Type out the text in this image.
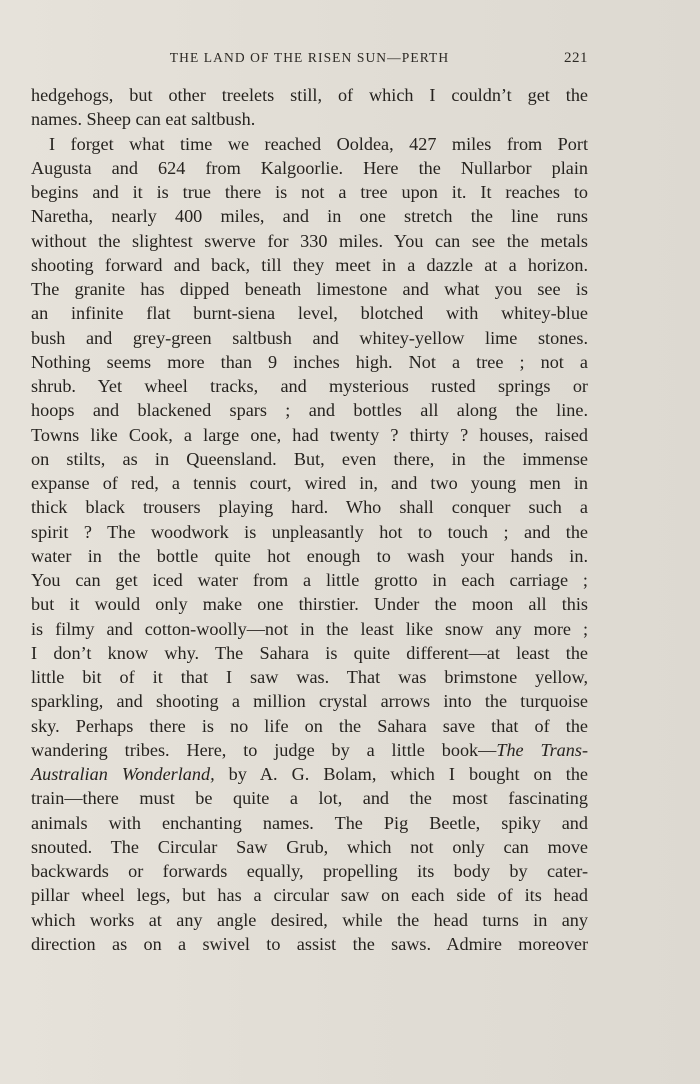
THE LAND OF THE RISEN SUN—PERTH	221
hedgehogs, but other treelets still, of which I couldn’t get the
names. Sheep can eat saltbush.
I forget what time we reached Ooldea, 427 miles from Port
Augusta and 624 from Kalgoorlie. Here the Nullarbor plain
begins and it is true there is not a tree upon it. It reaches to
Naretha, nearly 400 miles, and in one stretch the line runs
without the slightest swerve for 330 miles. You can see the metals
shooting forward and back, till they meet in a dazzle at a horizon.
The granite has dipped beneath limestone and what you see is
an infinite flat burnt-siena level, blotched with whitey-blue
bush and grey-green saltbush and whitey-yellow lime stones.
Nothing seems more than 9 inches high. Not a tree ; not a
shrub. Yet wheel tracks, and mysterious rusted springs or
hoops and blackened spars ; and bottles all along the line.
Towns like Cook, a large one, had twenty ? thirty ? houses, raised
on stilts, as in Queensland. But, even there, in the immense
expanse of red, a tennis court, wired in, and two young men in
thick black trousers playing hard. Who shall conquer such a
spirit ? The woodwork is unpleasantly hot to touch ; and the
water in the bottle quite hot enough to wash your hands in.
You can get iced water from a little grotto in each carriage ;
but it would only make one thirstier. Under the moon all this
is filmy and cotton-woolly—not in the least like snow any more ;
I don’t know why. The Sahara is quite different—at least the
little bit of it that I saw was. That was brimstone yellow,
sparkling, and shooting a million crystal arrows into the turquoise
sky. Perhaps there is no life on the Sahara save that of the
wandering tribes. Here, to judge by a little book—The Trans-
Australian Wonderland, by A. G. Bolam, which I bought on the
train—there must be quite a lot, and the most fascinating
animals with enchanting names. The Pig Beetle, spiky and
snouted. The Circular Saw Grub, which not only can move
backwards or forwards equally, propelling its body by cater-
pillar wheel legs, but has a circular saw on each side of its head
which works at any angle desired, while the head turns in any
direction as on a swivel to assist the saws. Admire moreover
